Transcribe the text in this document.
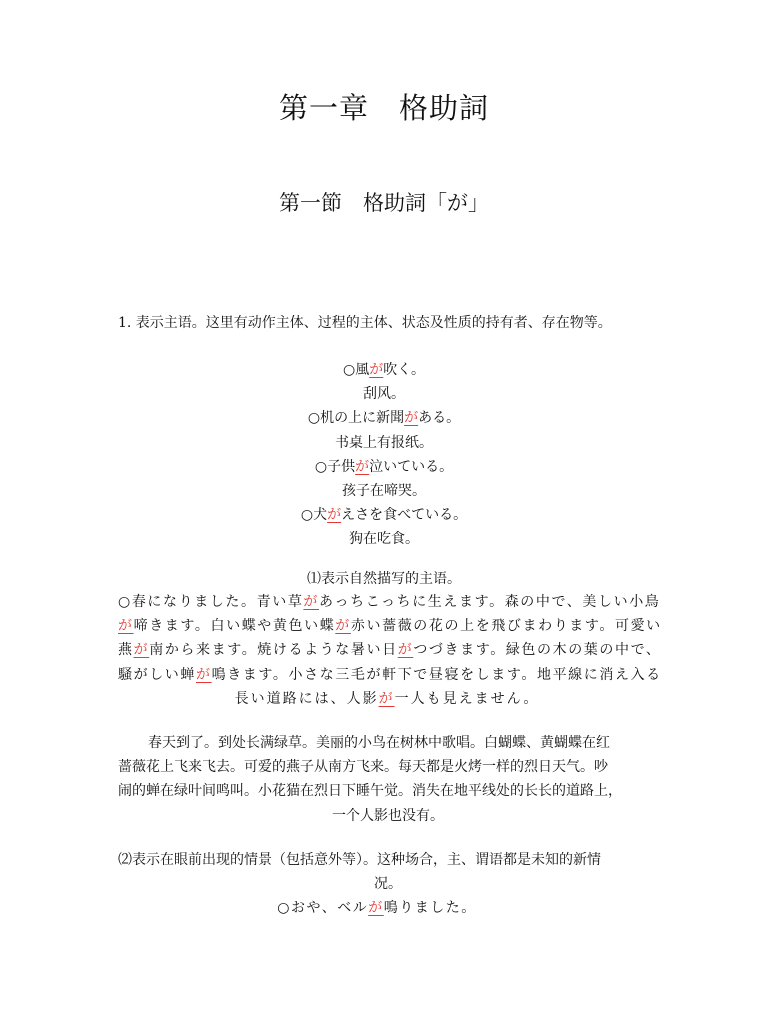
第一章　格助詞
第一節　格助詞「が」
1. 表示主语。这里有动作主体、过程的主体、状态及性质的持有者、存在物等。

○風が吹く。

刮风。

○机の上に新聞がある。

书桌上有报纸。

○子供が泣いている。

孩子在啼哭。

○犬がえさを食べている。

狗在吃食。

⑴表示自然描写的主语。
○春になりました。青い草があっちこっちに生えます。森の中で、美しい小鳥
が啼きます。白い蝶や黄色い蝶が赤い薔薇の花の上を飛びまわります。可愛い
燕が南から来ます。焼けるような暑い日がつづきます。緑色の木の葉の中で、
騒がしい蝉が鳴きます。小さな三毛が軒下で昼寝をします。地平線に消え入る
長い道路には、人影が一人も見えません。
春天到了。到处长满绿草。美丽的小鸟在树林中歌唱。白蝴蝶、黄蝴蝶在红
蔷薇花上飞来飞去。可爱的燕子从南方飞来。每天都是火烤一样的烈日天气。吵
闹的蝉在绿叶间鸣叫。小花猫在烈日下睡午觉。消失在地平线处的长长的道路上，
一个人影也没有。
⑵表示在眼前出现的情景（包括意外等）。这种场合，主、谓语都是未知的新情
况。
○おや、ベルが鳴りました。
